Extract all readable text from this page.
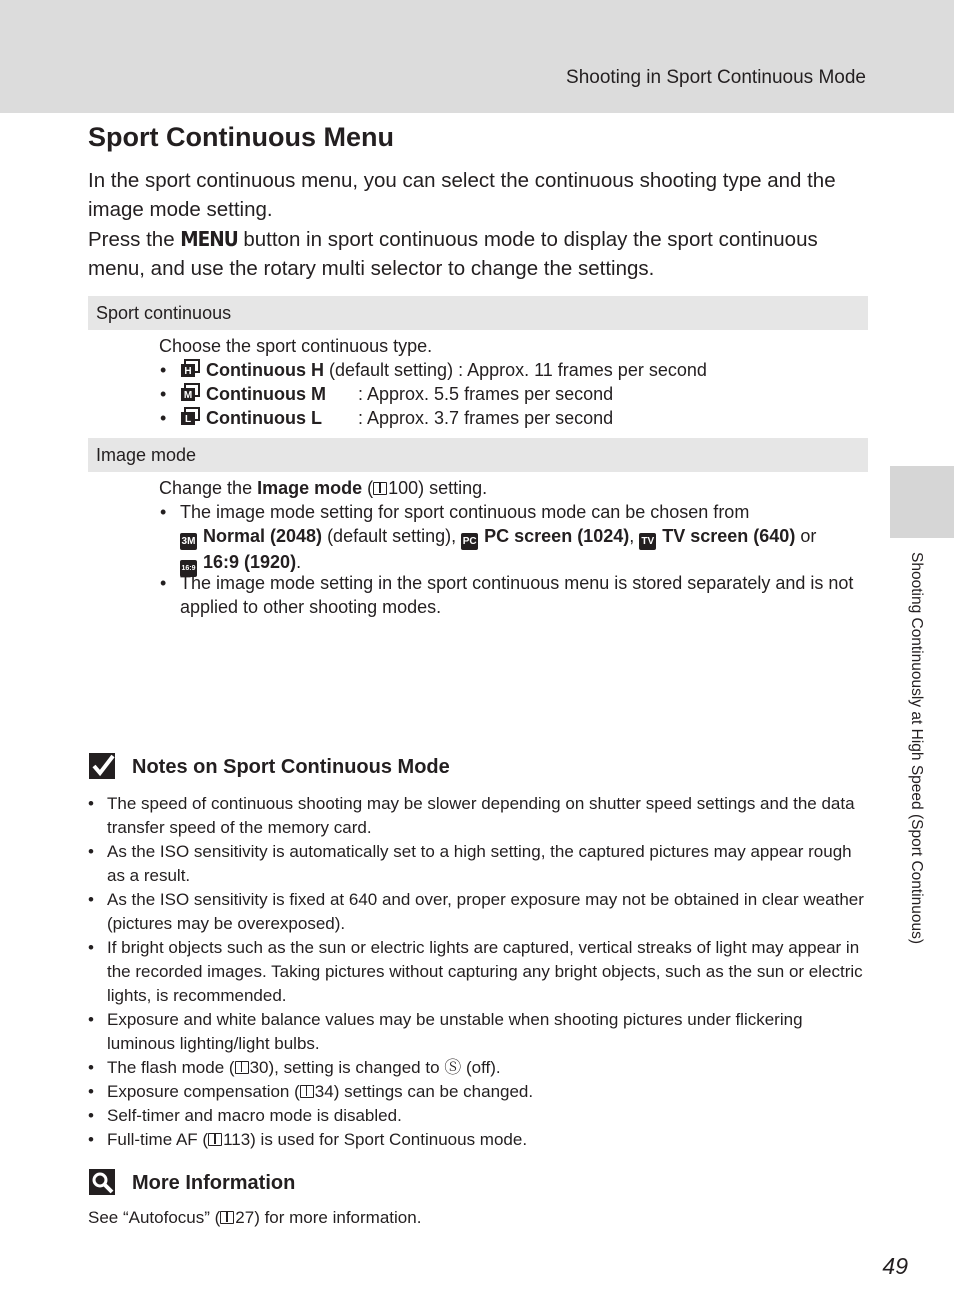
Shooting in Sport Continuous Mode
Shooting Continuously at High Speed (Sport Continuous)
Sport Continuous Menu

In the sport continuous menu, you can select the continuous shooting type and the image mode setting.

Press the MENU button in sport continuous mode to display the sport continuous menu, and use the rotary multi selector to change the settings.

Sport continuous
Choose the sport continuous type.
• H Continuous H (default setting) : Approx. 11 frames per second
• M Continuous M : Approx. 5.5 frames per second
• L Continuous L : Approx. 3.7 frames per second
Image mode
Change the Image mode ( 100) setting.
• The image mode setting for sport continuous mode can be chosen from
3M Normal (2048) (default setting), PC PC screen (1024), TV TV screen (640) or
16:9 16:9 (1920).
• The image mode setting in the sport continuous menu is stored separately and is not applied to other shooting modes.
Notes on Sport Continuous Mode
• The speed of continuous shooting may be slower depending on shutter speed settings and the data transfer speed of the memory card.
• As the ISO sensitivity is automatically set to a high setting, the captured pictures may appear rough as a result.
• As the ISO sensitivity is fixed at 640 and over, proper exposure may not be obtained in clear weather (pictures may be overexposed).
• If bright objects such as the sun or electric lights are captured, vertical streaks of light may appear in the recorded images. Taking pictures without capturing any bright objects, such as the sun or electric lights, is recommended.
• Exposure and white balance values may be unstable when shooting pictures under flickering luminous lighting/light bulbs.
• The flash mode ( 30), setting is changed to Ⓢ (off).
• Exposure compensation ( 34) settings can be changed.
• Self-timer and macro mode is disabled.
• Full-time AF ( 113) is used for Sport Continuous mode.
More Information
See “Autofocus” ( 27) for more information.
49
